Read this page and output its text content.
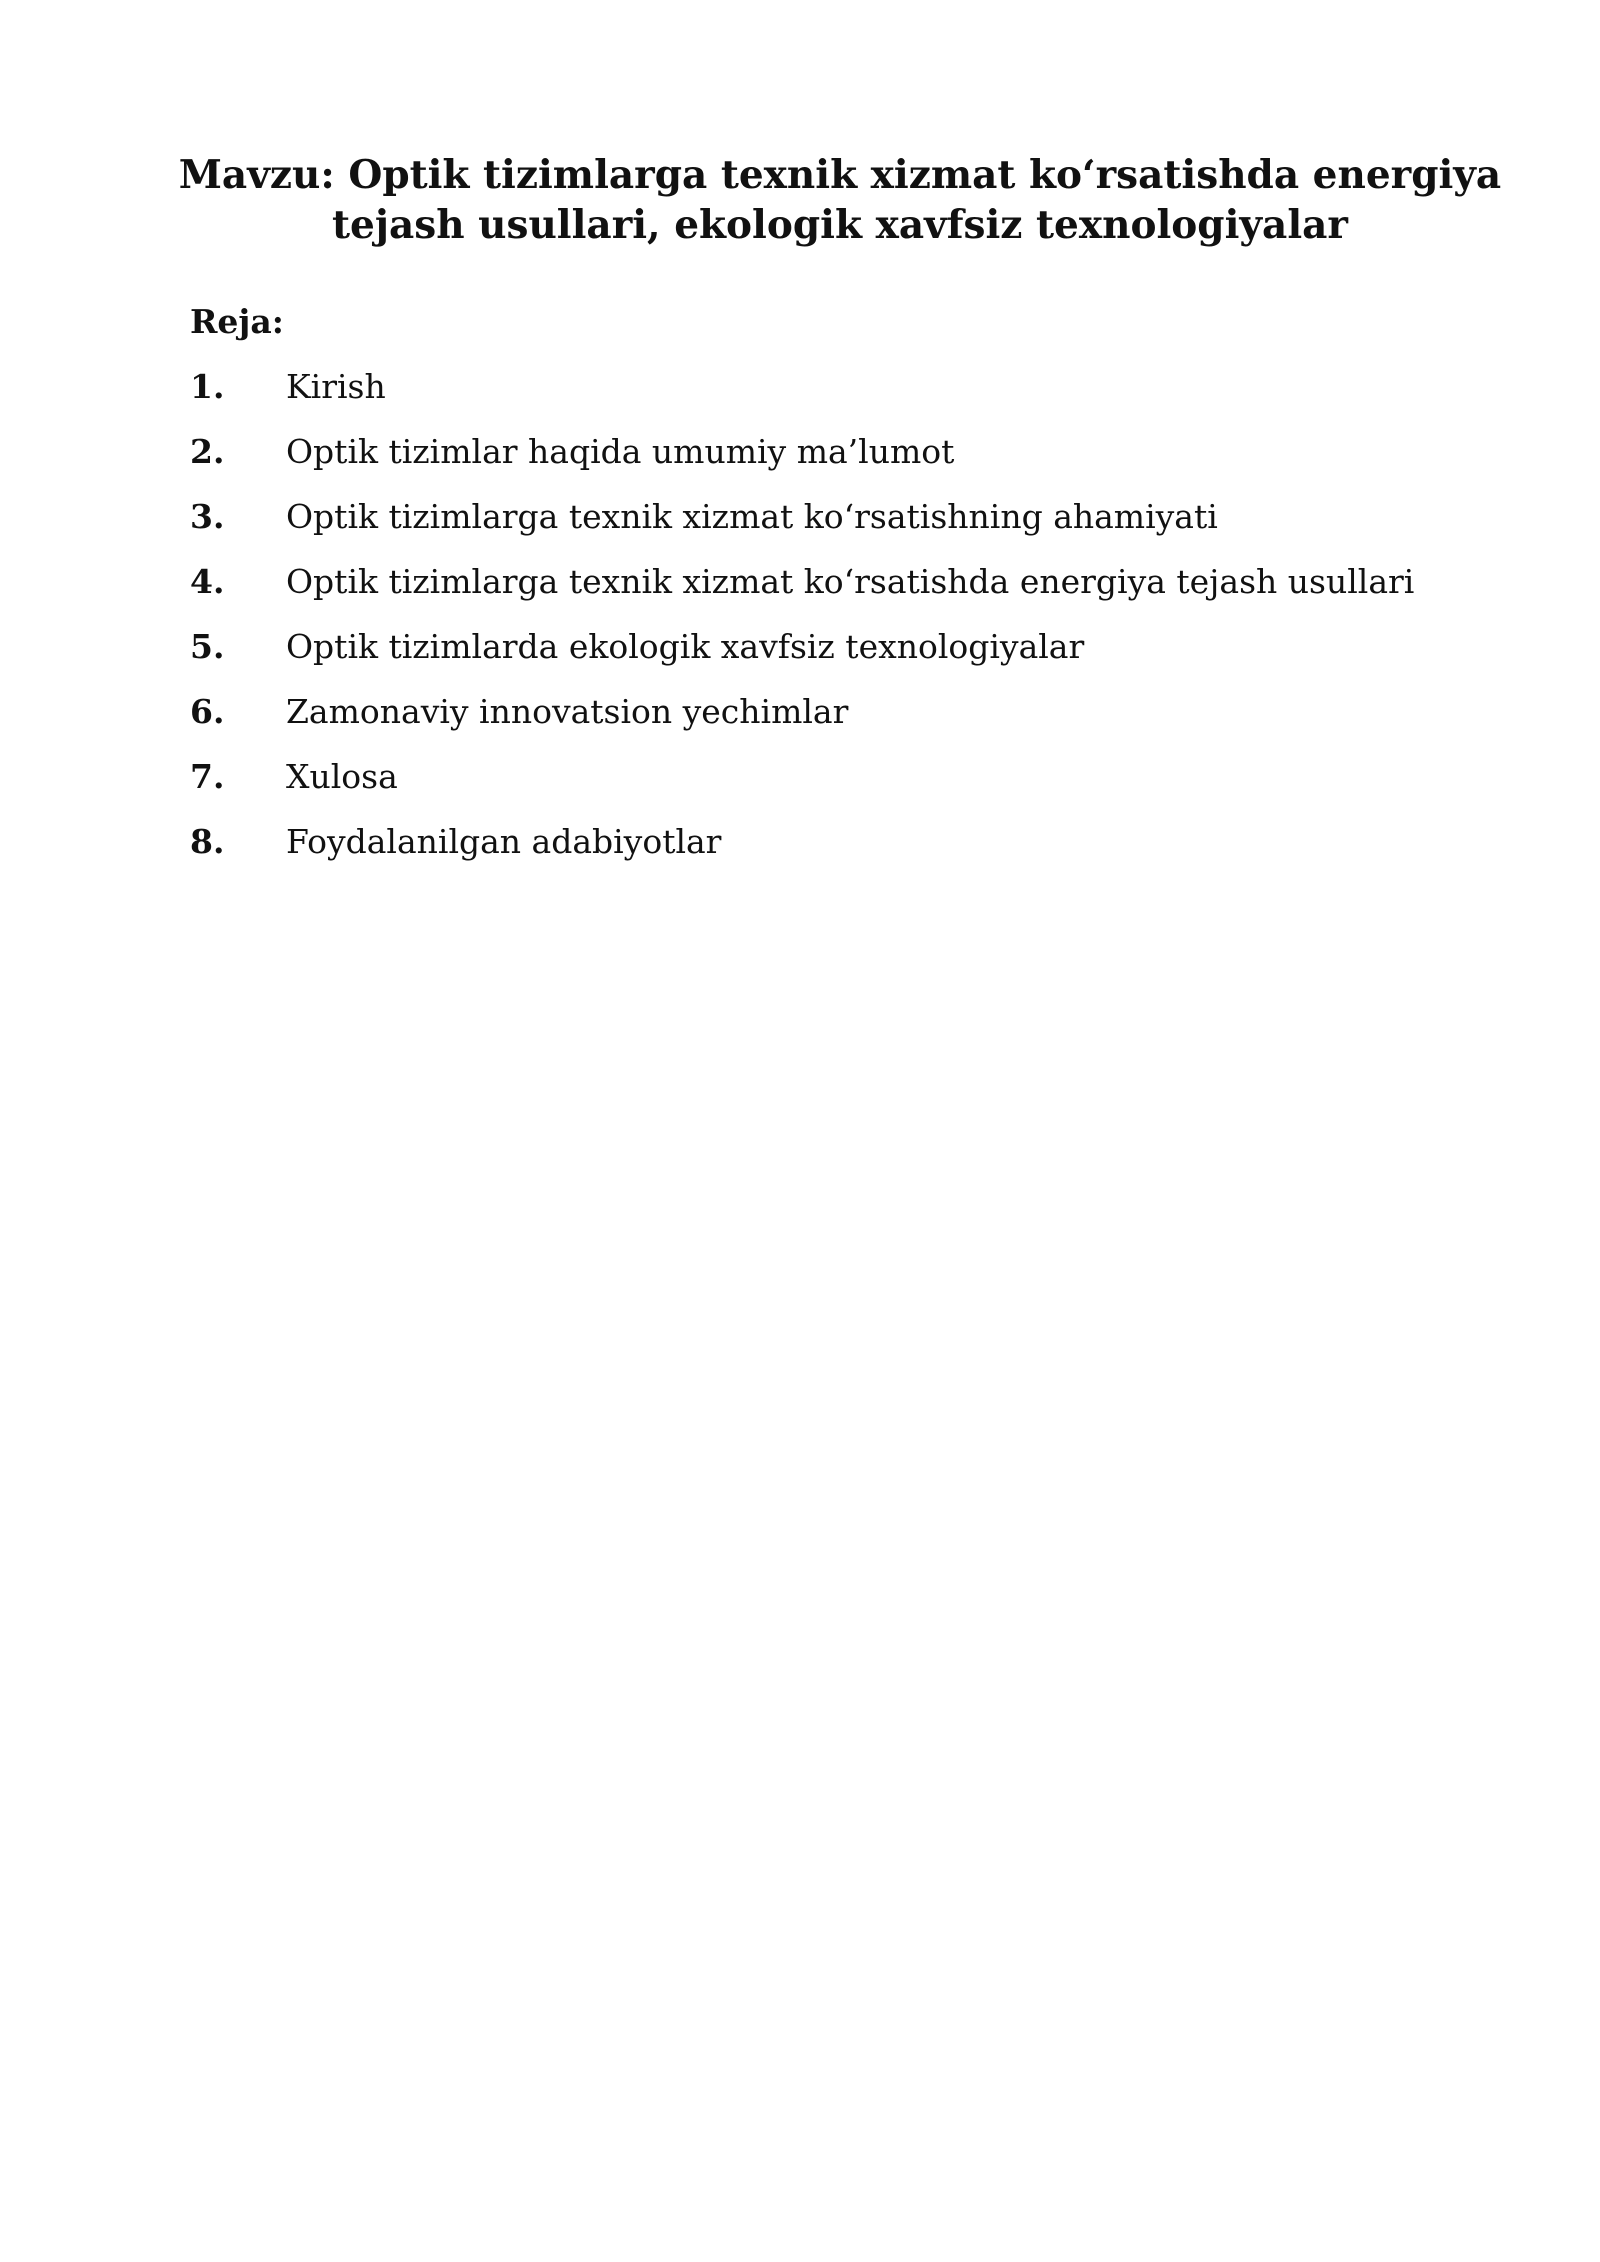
Mavzu: Optik tizimlarga texnik xizmat ko‘rsatishda energiya tejash usullari, ekologik xavfsiz texnologiyalar

Reja:

1.	Kirish
2.	Optik tizimlar haqida umumiy ma’lumot
3.	Optik tizimlarga texnik xizmat ko‘rsatishning ahamiyati
4.	Optik tizimlarga texnik xizmat ko‘rsatishda energiya tejash usullari
5.	Optik tizimlarda ekologik xavfsiz texnologiyalar
6.	Zamonaviy innovatsion yechimlar
7.	Xulosa
8.	Foydalanilgan adabiyotlar
